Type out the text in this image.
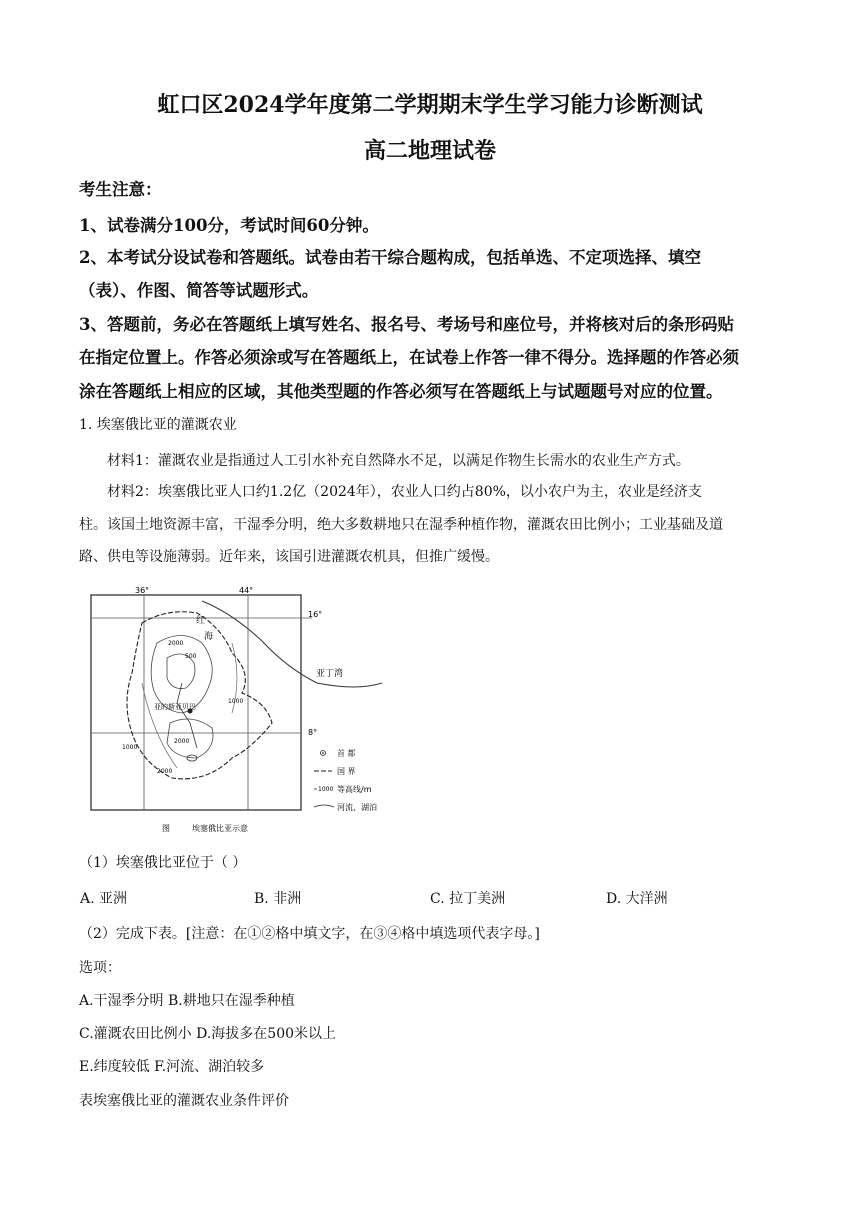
虹口区2024学年度第二学期期末学生学习能力诊断测试
高二地理试卷
考生注意：
1、试卷满分100分，考试时间60分钟。
2、本考试分设试卷和答题纸。试卷由若干综合题构成，包括单选、不定项选择、填空
（表）、作图、简答等试题形式。
3、答题前，务必在答题纸上填写姓名、报名号、考场号和座位号，并将核对后的条形码贴
在指定位置上。作答必须涂或写在答题纸上，在试卷上作答一律不得分。选择题的作答必须
涂在答题纸上相应的区域，其他类型题的作答必须写在答题纸上与试题题号对应的位置。
1. 埃塞俄比亚的灌溉农业
材料1：灌溉农业是指通过人工引水补充自然降水不足，以满足作物生长需水的农业生产方式。
材料2：埃塞俄比亚人口约1.2亿（2024年），农业人口约占80%，以小农户为主，农业是经济支
柱。该国土地资源丰富，干湿季分明，绝大多数耕地只在湿季种植作物，灌溉农田比例小；工业基础及道
路、供电等设施薄弱。近年来，该国引进灌溉农机具，但推广缓慢。
36°	44°
16°
8°
红
海
亚丁湾
亚的斯亚贝巴
2000
500
1000
1000
2000
2000
首 都
国 界
1000 等高线/m
河流、湖泊
图	埃塞俄比亚示意
（1）埃塞俄比亚位于（ ）
A. 亚洲	B. 非洲	C. 拉丁美洲	D. 大洋洲
（2）完成下表。[注意：在①②格中填文字，在③④格中填选项代表字母。]
选项：
A.干湿季分明 B.耕地只在湿季种植
C.灌溉农田比例小 D.海拔多在500米以上
E.纬度较低 F.河流、湖泊较多
表埃塞俄比亚的灌溉农业条件评价
